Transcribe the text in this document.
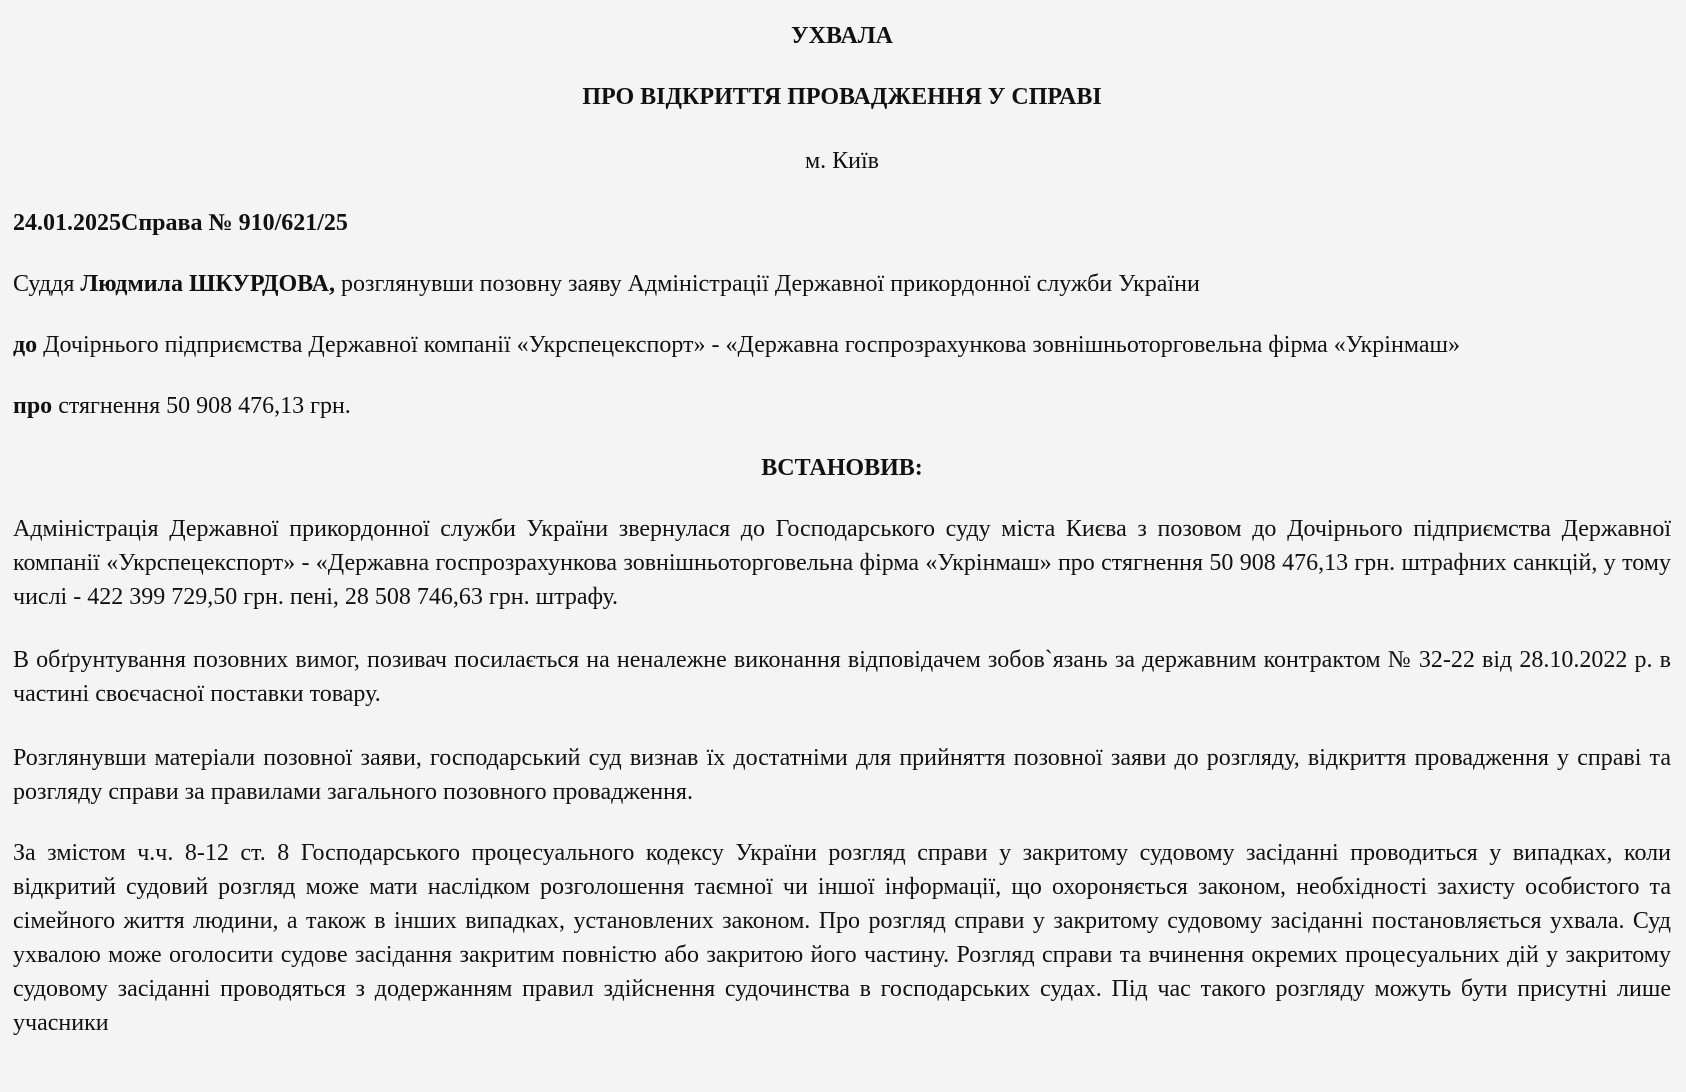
УХВАЛА

ПРО ВІДКРИТТЯ ПРОВАДЖЕННЯ У СПРАВІ

м. Київ

24.01.2025Справа № 910/621/25

Суддя Людмила ШКУРДОВА, розглянувши позовну заяву Адміністрації Державної прикордонної служби України

до Дочірнього підприємства Державної компанії «Укрспецекспорт» - «Державна госпрозрахункова зовнішньоторговельна фірма «Укрінмаш»

про стягнення 50 908 476,13 грн.

ВСТАНОВИВ:

Адміністрація Державної прикордонної служби України звернулася до Господарського суду міста Києва з позовом до Дочірнього підприємства Державної компанії «Укрспецекспорт» - «Державна госпрозрахункова зовнішньоторговельна фірма «Укрінмаш» про стягнення 50 908 476,13 грн. штрафних санкцій, у тому числі - 422 399 729,50 грн. пені, 28 508 746,63 грн. штрафу.

В обґрунтування позовних вимог, позивач посилається на неналежне виконання відповідачем зобов`язань за державним контрактом № 32-22 від 28.10.2022 р. в частині своєчасної поставки товару.

Розглянувши матеріали позовної заяви, господарський суд визнав їх достатніми для прийняття позовної заяви до розгляду, відкриття провадження у справі та розгляду справи за правилами загального позовного провадження.

За змістом ч.ч. 8-12 ст. 8 Господарського процесуального кодексу України розгляд справи у закритому судовому засіданні проводиться у випадках, коли відкритий судовий розгляд може мати наслідком розголошення таємної чи іншої інформації, що охороняється законом, необхідності захисту особистого та сімейного життя людини, а також в інших випадках, установлених законом. Про розгляд справи у закритому судовому засіданні постановляється ухвала. Суд ухвалою може оголосити судове засідання закритим повністю або закритою його частину. Розгляд справи та вчинення окремих процесуальних дій у закритому судовому засіданні проводяться з додержанням правил здійснення судочинства в господарських судах. Під час такого розгляду можуть бути присутні лише учасники
